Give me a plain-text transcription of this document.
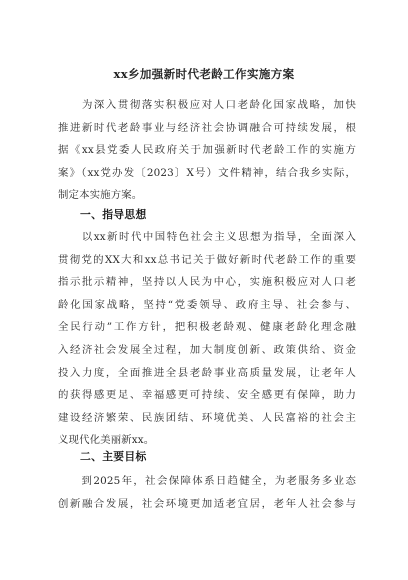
xx乡加强新时代老龄工作实施方案
　　为深入贯彻落实积极应对人口老龄化国家战略，加快
推进新时代老龄事业与经济社会协调融合可持续发展，根
据《xx县党委人民政府关于加强新时代老龄工作的实施方
案》（xx党办发〔2023〕X号）文件精神，结合我乡实际，
制定本实施方案。
一、指导思想
　　以xx新时代中国特色社会主义思想为指导，全面深入
贯彻党的XX大和xx总书记关于做好新时代老龄工作的重要
指示批示精神，坚持以人民为中心，实施积极应对人口老
龄化国家战略，坚持“党委领导、政府主导、社会参与、
全民行动”工作方针，把积极老龄观、健康老龄化理念融
入经济社会发展全过程，加大制度创新、政策供给、资金
投入力度，全面推进全县老龄事业高质量发展，让老年人
的获得感更足、幸福感更可持续、安全感更有保障，助力
建设经济繁荣、民族团结、环境优美、人民富裕的社会主
义现代化美丽新xx。
二、主要目标
　　到2025年，社会保障体系日趋健全，为老服务多业态
创新融合发展，社会环境更加适老宜居，老年人社会参与
